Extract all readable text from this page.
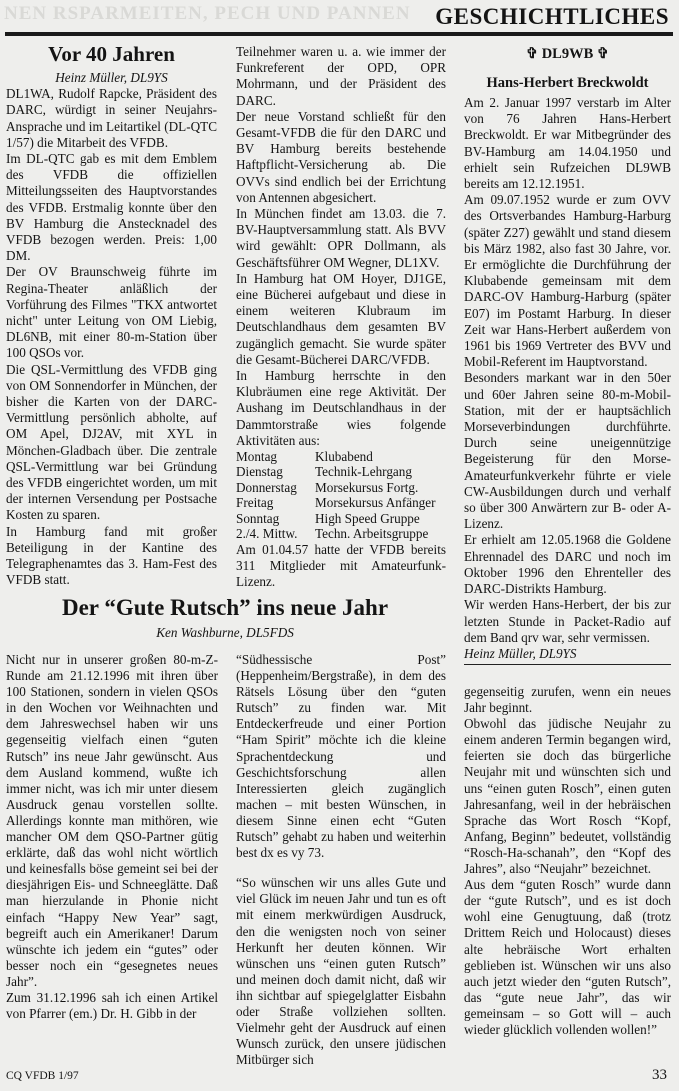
NEN RSPARMEITEN, PECH UND PANNEN GESCHICHTLICHES
Vor 40 Jahren
Heinz Müller, DL9YS

DL1WA, Rudolf Rapcke, Präsident des DARC, würdigt in seiner Neujahrs-Ansprache und im Leitartikel (DL-QTC 1/57) die Mitarbeit des VFDB.

Im DL-QTC gab es mit dem Emblem des VFDB die offiziellen Mitteilungsseiten des Hauptvorstandes des VFDB. Erstmalig konnte über den BV Hamburg die Anstecknadel des VFDB bezogen werden. Preis: 1,00 DM.

Der OV Braunschweig führte im Regina-Theater anläßlich der Vorführung des Filmes "TKX antwortet nicht" unter Leitung von OM Liebig, DL6NB, mit einer 80-m-Station über 100 QSOs vor.

Die QSL-Vermittlung des VFDB ging von OM Sonnendorfer in München, der bisher die Karten von der DARC-Vermittlung persönlich abholte, auf OM Apel, DJ2AV, mit XYL in Mönchen-Gladbach über. Die zentrale QSL-Vermittlung war bei Gründung des VFDB eingerichtet worden, um mit der internen Versendung per Postsache Kosten zu sparen.

In Hamburg fand mit großer Beteiligung in der Kantine des Telegraphenamtes das 3. Ham-Fest des VFDB statt.

Teilnehmer waren u. a. wie immer der Funkreferent der OPD, OPR Mohrmann, und der Präsident des DARC.

Der neue Vorstand schließt für den Gesamt-VFDB die für den DARC und BV Hamburg bereits bestehende Haftpflicht-Versicherung ab. Die OVVs sind endlich bei der Errichtung von Antennen abgesichert.

In München findet am 13.03. die 7. BV-Hauptversammlung statt. Als BVV wird gewählt: OPR Dollmann, als Geschäftsführer OM Wegner, DL1XV.

In Hamburg hat OM Hoyer, DJ1GE, eine Bücherei aufgebaut und diese in einem weiteren Klubraum im Deutschlandhaus dem gesamten BV zugänglich gemacht. Sie wurde später die Gesamt-Bücherei DARC/VFDB.

In Hamburg herrschte in den Klubräumen eine rege Aktivität. Der Aushang im Deutschlandhaus in der Dammtorstraße wies folgende Aktivitäten aus:

Montag	Klubabend
Dienstag	Technik-Lehrgang
Donnerstag	Morsekursus Fortg.
Freitag	Morsekursus Anfänger
Sonntag	High Speed Gruppe
2./4. Mittw.	Techn. Arbeitsgruppe

Am 01.04.57 hatte der VFDB bereits 311 Mitglieder mit Amateurfunk-Lizenz.

✞ DL9WB ✞
Hans-Herbert Breckwoldt

Am 2. Januar 1997 verstarb im Alter von 76 Jahren Hans-Herbert Breckwoldt. Er war Mitbegründer des BV-Hamburg am 14.04.1950 und erhielt sein Rufzeichen DL9WB bereits am 12.12.1951.

Am 09.07.1952 wurde er zum OVV des Ortsverbandes Hamburg-Harburg (später Z27) gewählt und stand diesem bis März 1982, also fast 30 Jahre, vor. Er ermöglichte die Durchführung der Klubabende gemeinsam mit dem DARC-OV Hamburg-Harburg (später E07) im Postamt Harburg. In dieser Zeit war Hans-Herbert außerdem von 1961 bis 1969 Vertreter des BVV und Mobil-Referent im Hauptvorstand.

Besonders markant war in den 50er und 60er Jahren seine 80-m-Mobil-Station, mit der er hauptsächlich Morseverbindungen durchführte. Durch seine uneigennützige Begeisterung für den Morse-Amateurfunkverkehr führte er viele CW-Ausbildungen durch und verhalf so über 300 Anwärtern zur B- oder A-Lizenz.

Er erhielt am 12.05.1968 die Goldene Ehrennadel des DARC und noch im Oktober 1996 den Ehrenteller des DARC-Distrikts Hamburg.

Wir werden Hans-Herbert, der bis zur letzten Stunde in Packet-Radio auf dem Band qrv war, sehr vermissen.

Heinz Müller, DL9YS
Der “Gute Rutsch” ins neue Jahr
Ken Washburne, DL5FDS

Nicht nur in unserer großen 80-m-Z-Runde am 21.12.1996 mit ihren über 100 Stationen, sondern in vielen QSOs in den Wochen vor Weihnachten und dem Jahreswechsel haben wir uns gegenseitig vielfach einen “guten Rutsch” ins neue Jahr gewünscht. Aus dem Ausland kommend, wußte ich immer nicht, was ich mir unter diesem Ausdruck genau vorstellen sollte. Allerdings konnte man mithören, wie mancher OM dem QSO-Partner gütig erklärte, daß das wohl nicht wörtlich und keinesfalls böse gemeint sei bei der diesjährigen Eis- und Schneeglätte. Daß man hierzulande in Phonie nicht einfach “Happy New Year” sagt, begreift auch ein Amerikaner! Darum wünschte ich jedem ein “gutes” oder besser noch ein “gesegnetes neues Jahr”.

Zum 31.12.1996 sah ich einen Artikel von Pfarrer (em.) Dr. H. Gibb in der

“Südhessische Post” (Heppenheim/Bergstraße), in dem des Rätsels Lösung über den “guten Rutsch” zu finden war. Mit Entdeckerfreude und einer Portion “Ham Spirit” möchte ich die kleine Sprachentdeckung und Geschichtsforschung allen Interessierten gleich zugänglich machen – mit besten Wünschen, in diesem Sinne einen echt “Guten Rutsch” gehabt zu haben und weiterhin best dx es vy 73.

“So wünschen wir uns alles Gute und viel Glück im neuen Jahr und tun es oft mit einem merkwürdigen Ausdruck, den die wenigsten noch von seiner Herkunft her deuten können. Wir wünschen uns “einen guten Rutsch” und meinen doch damit nicht, daß wir ihn sichtbar auf spiegelglatter Eisbahn oder Straße vollziehen sollten. Vielmehr geht der Ausdruck auf einen Wunsch zurück, den unsere jüdischen Mitbürger sich

gegenseitig zurufen, wenn ein neues Jahr beginnt.

Obwohl das jüdische Neujahr zu einem anderen Termin begangen wird, feierten sie doch das bürgerliche Neujahr mit und wünschten sich und uns “einen guten Rosch”, einen guten Jahresanfang, weil in der hebräischen Sprache das Wort Rosch “Kopf, Anfang, Beginn” bedeutet, vollständig “Rosch-Ha-schanah”, den “Kopf des Jahres”, also “Neujahr” bezeichnet.

Aus dem “guten Rosch” wurde dann der “gute Rutsch”, und es ist doch wohl eine Genugtuung, daß (trotz Drittem Reich und Holocaust) dieses alte hebräische Wort erhalten geblieben ist. Wünschen wir uns also auch jetzt wieder den “guten Rutsch”, das “gute neue Jahr”, das wir gemeinsam – so Gott will – auch wieder glücklich vollenden wollen!”

CQ VFDB 1/97	33
